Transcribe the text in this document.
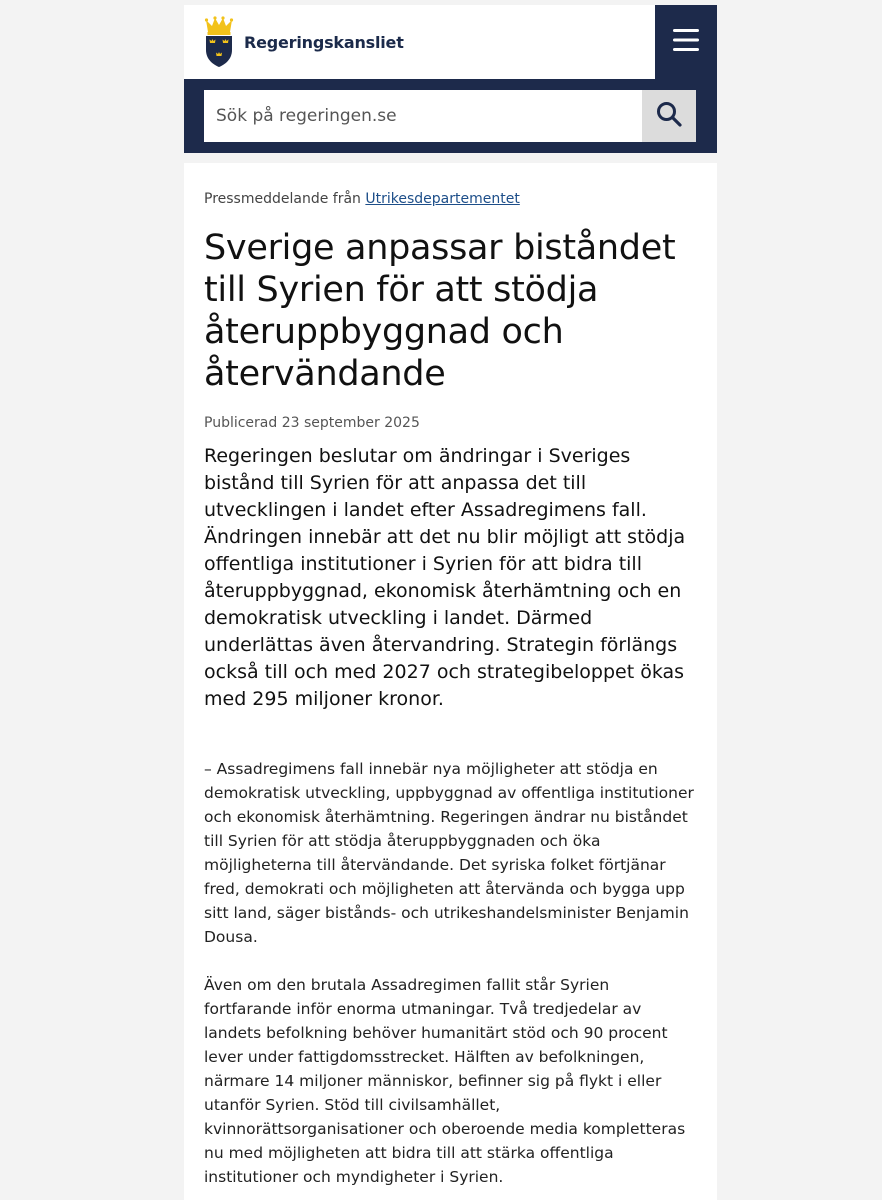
Regeringskansliet
Sök på regeringen.se
Pressmeddelande från Utrikesdepartementet
Sverige anpassar biståndet till Syrien för att stödja återuppbyggnad och återvändande
Publicerad 23 september 2025
Regeringen beslutar om ändringar i Sveriges bistånd till Syrien för att anpassa det till utvecklingen i landet efter Assadregimens fall. Ändringen innebär att det nu blir möjligt att stödja offentliga institutioner i Syrien för att bidra till återuppbyggnad, ekonomisk återhämtning och en demokratisk utveckling i landet. Därmed underlättas även återvandring. Strategin förlängs också till och med 2027 och strategibeloppet ökas med 295 miljoner kronor.

– Assadregimens fall innebär nya möjligheter att stödja en demokratisk utveckling, uppbyggnad av offentliga institutioner och ekonomisk återhämtning. Regeringen ändrar nu biståndet till Syrien för att stödja återuppbyggnaden och öka möjligheterna till återvändande. Det syriska folket förtjänar fred, demokrati och möjligheten att återvända och bygga upp sitt land, säger bistånds- och utrikeshandelsminister Benjamin Dousa.

Även om den brutala Assadregimen fallit står Syrien fortfarande inför enorma utmaningar. Två tredjedelar av landets befolkning behöver humanitärt stöd och 90 procent lever under fattigdomsstrecket. Hälften av befolkningen, närmare 14 miljoner människor, befinner sig på flykt i eller utanför Syrien. Stöd till civilsamhället, kvinnorättsorganisationer och oberoende media kompletteras nu med möjligheten att bidra till att stärka offentliga institutioner och myndigheter i Syrien.
